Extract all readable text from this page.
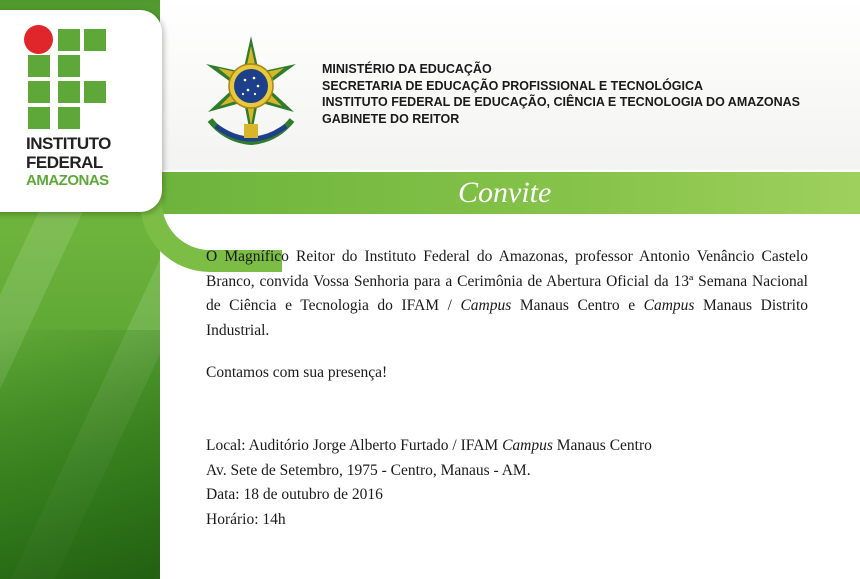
Convite
INSTITUTO
FEDERAL
AMAZONAS
MINISTÉRIO DA EDUCAÇÃO
SECRETARIA DE EDUCAÇÃO PROFISSIONAL E TECNOLÓGICA
INSTITUTO FEDERAL DE EDUCAÇÃO, CIÊNCIA E TECNOLOGIA DO AMAZONAS
GABINETE DO REITOR

O Magnífico Reitor do Instituto Federal do Amazonas, professor Antonio Venâncio Castelo Branco, convida Vossa Senhoria para a Cerimônia de Abertura Oficial da 13ª Semana Nacional de Ciência e Tecnologia do IFAM / Campus Manaus Centro e Campus Manaus Distrito Industrial.

Contamos com sua presença!
Local: Auditório Jorge Alberto Furtado / IFAM Campus Manaus Centro
Av. Sete de Setembro, 1975 - Centro, Manaus - AM.
Data: 18 de outubro de 2016
Horário: 14h
